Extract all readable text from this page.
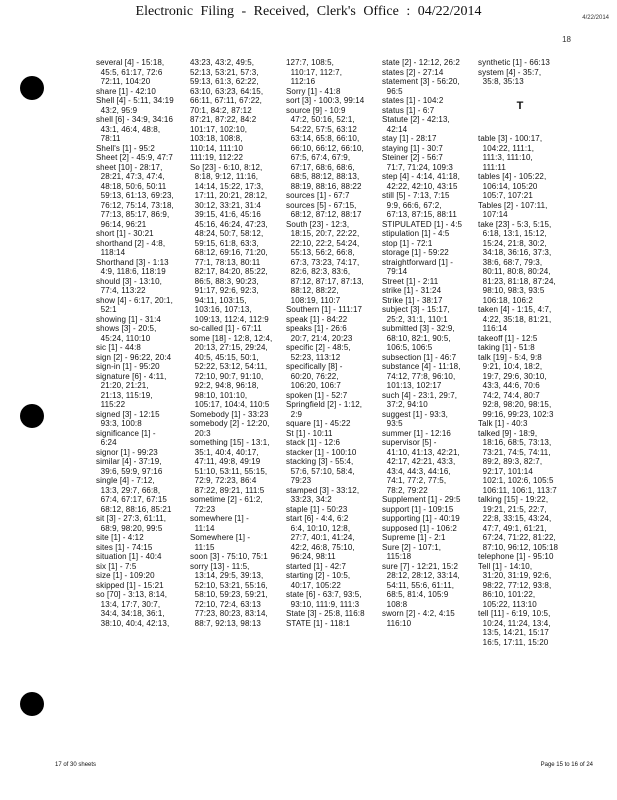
Electronic Filing - Received, Clerk's Office : 04/22/2014	4/22/2014
18
several [4] - 15:18,
45:5, 61:17, 72:6
72:11, 104:20
share [1] - 42:10
Shell [4] - 5:11, 34:19
43:2, 95:9
shell [6] - 34:9, 34:16
43:1, 46:4, 48:8,
78:11
Shell's [1] - 95:2
Sheet [2] - 45:9, 47:7
sheet [10] - 28:17,
28:21, 47:3, 47:4,
48:18, 50:6, 50:11
59:13, 61:13, 69:23,
76:12, 75:14, 73:18,
77:13, 85:17, 86:9,
96:14, 96:21
short [1] - 30:21
shorthand [2] - 4:8,
118:14
Shorthand [3] - 1:13
4:9, 118:6, 118:19
should [3] - 13:10,
77:4, 113:22
show [4] - 6:17, 20:1,
52:1
showing [1] - 31:4
shows [3] - 20:5,
45:24, 110:10
sic [1] - 44:8
sign [2] - 96:22, 20:4
sign-in [1] - 95:20
signature [6] - 4:11,
21:20, 21:21,
21:13, 115:19,
115:22
signed [3] - 12:15
93:3, 100:8
significance [1] -
6:24
signor [1] - 99:23
similar [4] - 37:19,
39:6, 59:9, 97:16
single [4] - 7:12,
13:3, 29:7, 66:8,
67:4, 67:17, 67:15
68:12, 88:16, 85:21
sit [3] - 27:3, 61:11,
68:9, 98:20, 99:5
site [1] - 4:12
sites [1] - 74:15
situation [1] - 40:4
six [1] - 7:5
size [1] - 109:20
skipped [1] - 15:21
so [70] - 3:13, 8:14,
13:4, 17:7, 30:7,
34:4, 34:18, 36:1,
38:10, 40:4, 42:13,
43:23, 43:2, 49:5,
52:13, 53:21, 57:3,
59:13, 61:3, 62:22,
63:10, 63:23, 64:15,
66:11, 67:11, 67:22,
70:1, 84:2, 87:12
87:21, 87:22, 84:2
101:17, 102:10,
103:18, 108:8,
110:14, 111:10
111:19, 112:22
So [23] - 6:10, 8:12,
8:18, 9:12, 11:16,
14:14, 15:22, 17:3,
17:11, 20:21, 28:12,
30:12, 33:21, 31:4
39:15, 41:6, 45:16
45:16, 46:24, 47:23,
48:24, 50:7, 58:12,
59:15, 61:8, 63:3,
68:12, 69:16, 71:20,
77:1, 78:13, 80:11
82:17, 84:20, 85:22,
86:5, 88:3, 90:23,
91:17, 92:6, 92:3,
94:11, 103:15,
103:16, 107:13,
109:13, 112:4, 112:9
so-called [1] - 67:11
some [18] - 12:8, 12:4,
20:13, 27:15, 29:24,
40:5, 45:15, 50:1,
52:22, 53:12, 54:11,
72:10, 90:7, 91:10,
92:2, 94:8, 96:18,
98:10, 101:10,
105:17, 104:4, 110:5
Somebody [1] - 33:23
somebody [2] - 12:20,
20:3
something [15] - 13:1,
35:1, 40:4, 40:17,
47:11, 49:8, 49:19
51:10, 53:11, 55:15,
72:9, 72:23, 86:4
87:22, 89:21, 111:5
sometime [2] - 61:2,
72:23
somewhere [1] -
11:14
Somewhere [1] -
11:15
soon [3] - 75:10, 75:1
sorry [13] - 11:5,
13:14, 29:5, 39:13,
52:10, 53:21, 55:16,
58:10, 59:23, 59:21,
72:10, 72:4, 63:13
77:23, 80:23, 83:14,
88:7, 92:13, 98:13
127:7, 108:5,
110:17, 112:7,
112:16
Sorry [1] - 41:8
sort [3] - 100:3, 99:14
source [9] - 10:9
47:2, 50:16, 52:1,
54:22, 57:5, 63:12
63:14, 65:8, 66:10,
66:10, 66:12, 66:10,
67:5, 67:4, 67:9,
67:17, 68:6, 68:6,
68:5, 88:12, 88:13,
88:19, 88:16, 88:22
sources [1] - 67:7
sources [5] - 67:15,
68:12, 87:12, 88:17
South [23] - 12:3,
18:15, 20:7, 22:22,
22:10, 22:2, 54:24,
55:13, 56:2, 66:8,
67:3, 73:23, 74:17,
82:6, 82:3, 83:6,
87:12, 87:17, 87:13,
88:12, 88:22,
108:19, 110:7
Southern [1] - 111:17
speak [1] - 84:22
speaks [1] - 26:6
20:7, 21:4, 20:23
specific [2] - 48:5,
52:23, 113:12
specifically [8] -
60:20, 76:22,
106:20, 106:7
spoken [1] - 52:7
Springfield [2] - 1:12,
2:9
square [1] - 45:22
St [1] - 10:11
stack [1] - 12:6
stacker [1] - 100:10
stacking [3] - 55:4,
57:6, 57:10, 58:4,
79:23
stamped [3] - 33:12,
33:23, 34:2
staple [1] - 50:23
start [6] - 4:4, 6:2
6:4, 10:10, 12:8,
27:7, 40:1, 41:24,
42:2, 46:8, 75:10,
96:24, 98:11
started [1] - 42:7
starting [2] - 10:5,
40:17, 105:22
state [6] - 63:7, 93:5,
93:10, 111:9, 111:3
State [3] - 25:8, 116:8
STATE [1] - 118:1
state [2] - 12:12, 26:2
states [2] - 27:14
statement [3] - 56:20,
96:5
states [1] - 104:2
status [1] - 6:7
Statute [2] - 42:13,
42:14
stay [1] - 28:17
staying [1] - 30:7
Steiner [2] - 56:7
71:7, 71:24, 109:3
step [4] - 4:14, 41:18,
42:22, 42:10, 43:15
still [5] - 7:13, 7:15
9:9, 66:6, 67:2,
67:13, 87:15, 88:11
STIPULATED [1] - 4:5
stipulation [1] - 4:5
stop [1] - 72:1
storage [1] - 59:22
straightforward [1] -
79:14
Street [1] - 2:11
strike [1] - 31:24
Strike [1] - 38:17
subject [3] - 15:17,
25:2, 31:1, 110:1
submitted [3] - 32:9,
68:10, 82:1, 90:5,
106:5, 106:5
subsection [1] - 46:7
substance [4] - 11:18,
74:12, 77:8, 96:10,
101:13, 102:17
such [4] - 23:1, 29:7,
37:2, 94:10
suggest [1] - 93:3,
93:5
summer [1] - 12:16
supervisor [5] -
41:10, 41:13, 42:21,
42:17, 42:21, 43:3,
43:4, 44:3, 44:16,
74:1, 77:2, 77:5,
78:2, 79:22
Supplement [1] - 29:5
support [1] - 109:15
supporting [1] - 40:19
supposed [1] - 106:2
Supreme [1] - 2:1
Sure [2] - 107:1,
115:18
sure [7] - 12:21, 15:2
28:12, 28:12, 33:14,
54:11, 55:6, 61:11,
68:5, 81:4, 105:9
108:8
sworn [2] - 4:2, 4:15
116:10
synthetic [1] - 66:13
system [4] - 35:7,
35:8, 35:13
table [3] - 100:17,
104:22, 111:1,
111:3, 111:10,
111:11
tables [4] - 105:22,
106:14, 105:20
105:7, 107:21
Tables [2] - 107:11,
107:14
take [23] - 5:3, 5:15,
6:18, 13:1, 15:12,
15:24, 21:8, 30:2,
34:18, 36:16, 37:3,
38:6, 68:7, 79:3,
80:11, 80:8, 80:24,
81:23, 81:18, 87:24,
98:10, 98:3, 93:5
106:18, 106:2
taken [4] - 1:15, 4:7,
4:22, 35:18, 81:21,
116:14
takeoff [1] - 12:5
taking [1] - 51:8
talk [19] - 5:4, 9:8
9:21, 10:4, 18:2,
19:7, 29:6, 30:10,
43:3, 44:6, 70:6
74:2, 74:4, 80:7
92:8, 98:20, 98:15,
99:16, 99:23, 102:3
Talk [1] - 40:3
talked [9] - 18:9,
18:16, 68:5, 73:13,
73:21, 74:5, 74:11,
89:2, 89:3, 82:7,
92:17, 101:14
102:1, 102:6, 105:5
106:11, 106:1, 113:7
talking [15] - 19:22,
19:21, 21:5, 22:7,
22:8, 33:15, 43:24,
47:7, 49:1, 61:21,
67:24, 71:22, 81:22,
87:10, 96:12, 105:18
telephone [1] - 95:10
Tell [1] - 14:10,
31:20, 31:19, 92:6,
98:22, 77:12, 93:8,
86:10, 101:22,
105:22, 113:10
tell [11] - 6:19, 10:5,
10:24, 11:24, 13:4,
13:5, 14:21, 15:17
16:5, 17:11, 15:20
T
17 of 30 sheets	Page 15 to 16 of 24
